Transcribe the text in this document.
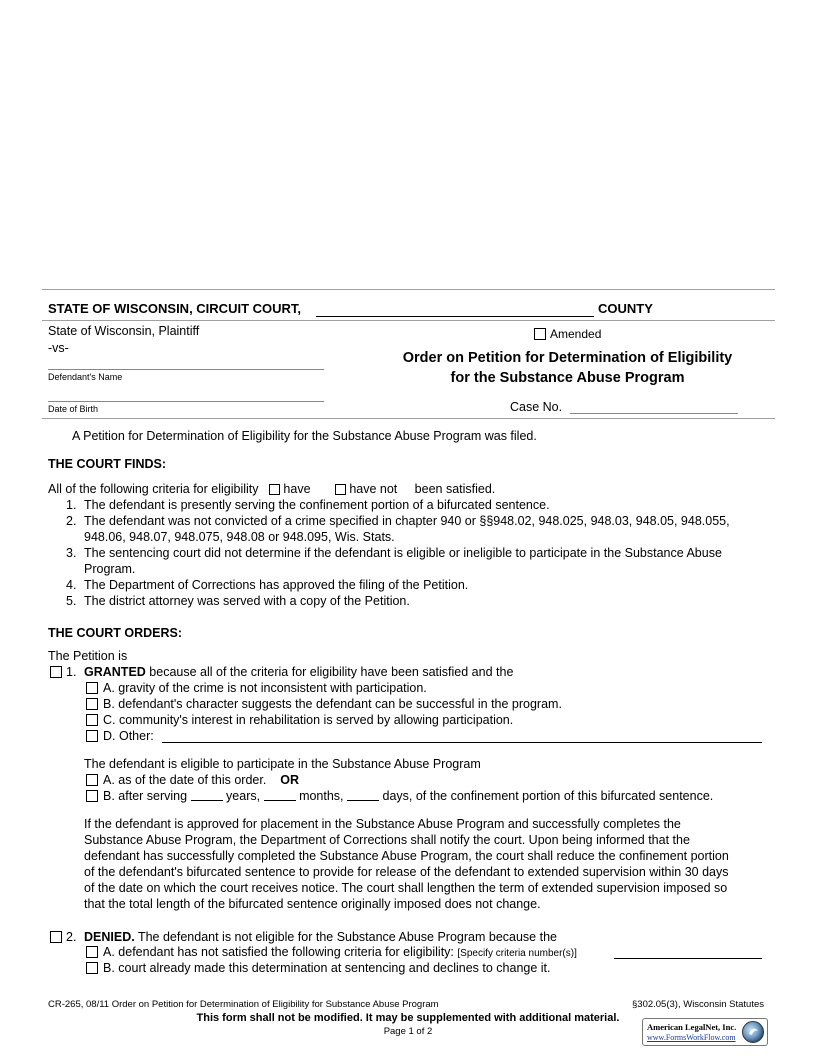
STATE OF WISCONSIN, CIRCUIT COURT,	COUNTY
State of Wisconsin, Plaintiff
-vs-
Defendant's Name
Date of Birth
Amended
Order on Petition for Determination of Eligibility
for the Substance Abuse Program
Case No.
A Petition for Determination of Eligibility for the Substance Abuse Program was filed.
THE COURT FINDS:
All of the following criteria for eligibility have	have not been satisfied.
1. The defendant is presently serving the confinement portion of a bifurcated sentence.
2. The defendant was not convicted of a crime specified in chapter 940 or §§948.02, 948.025, 948.03, 948.05, 948.055,
948.06, 948.07, 948.075, 948.08 or 948.095, Wis. Stats.
3. The sentencing court did not determine if the defendant is eligible or ineligible to participate in the Substance Abuse
Program.
4. The Department of Corrections has approved the filing of the Petition.
5. The district attorney was served with a copy of the Petition.
THE COURT ORDERS:
The Petition is
1. GRANTED because all of the criteria for eligibility have been satisfied and the
A. gravity of the crime is not inconsistent with participation.
B. defendant's character suggests the defendant can be successful in the program.
C. community's interest in rehabilitation is served by allowing participation.
D. Other:
The defendant is eligible to participate in the Substance Abuse Program
A. as of the date of this order. OR
B. after serving	years,	months,	days, of the confinement portion of this bifurcated sentence.
If the defendant is approved for placement in the Substance Abuse Program and successfully completes the
Substance Abuse Program, the Department of Corrections shall notify the court. Upon being informed that the
defendant has successfully completed the Substance Abuse Program, the court shall reduce the confinement portion
of the defendant's bifurcated sentence to provide for release of the defendant to extended supervision within 30 days
of the date on which the court receives notice. The court shall lengthen the term of extended supervision imposed so
that the total length of the bifurcated sentence originally imposed does not change.
2. DENIED. The defendant is not eligible for the Substance Abuse Program because the
A. defendant has not satisfied the following criteria for eligibility: [Specify criteria number(s)]
B. court already made this determination at sentencing and declines to change it.
CR-265, 08/11 Order on Petition for Determination of Eligibility for Substance Abuse Program	§302.05(3), Wisconsin Statutes
This form shall not be modified. It may be supplemented with additional material.
Page 1 of 2	American LegalNet, Inc.
www.FormsWorkFlow.com
